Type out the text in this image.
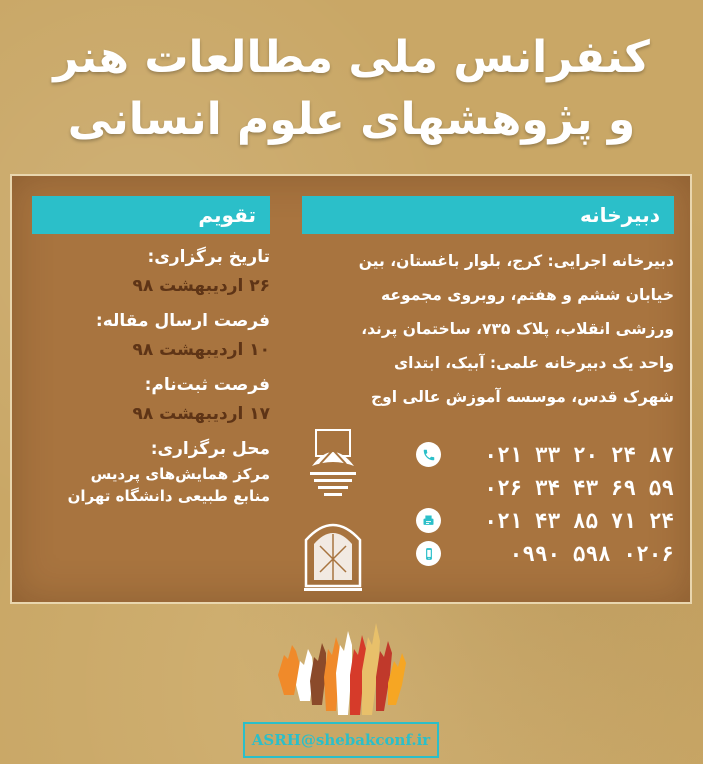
کنفرانس ملی مطالعات هنر
و پژوهشهای علوم انسانی
دبیرخانه
تقویم

دبیرخانه اجرایی: کرج، بلوار باغستان، بین

خیابان ششم و هفتم، روبروی مجموعه

ورزشی انقلاب، پلاک ۷۳۵، ساختمان پرند،

واحد یک دبیرخانه علمی: آبیک، ابتدای

شهرک قدس، موسسه آموزش عالی اوج

تاریخ برگزاری:
۲۶ اردیبهشت ۹۸
فرصت ارسال مقاله:
۱۰ اردیبهشت ۹۸
فرصت ثبت‌نام:
۱۷ اردیبهشت ۹۸
محل برگزاری:
مرکز همایش‌های پردیس
منابع طبیعی دانشگاه تهران
۰۲۱ ۳۳ ۲۰ ۲۴ ۸۷
۰۲۶ ۳۴ ۴۳ ۶۹ ۵۹
۰۲۱ ۴۳ ۸۵ ۷۱ ۲۴
۰۹۹۰ ۵۹۸ ۰۲۰۶
ASRH@shebakconf.ir
